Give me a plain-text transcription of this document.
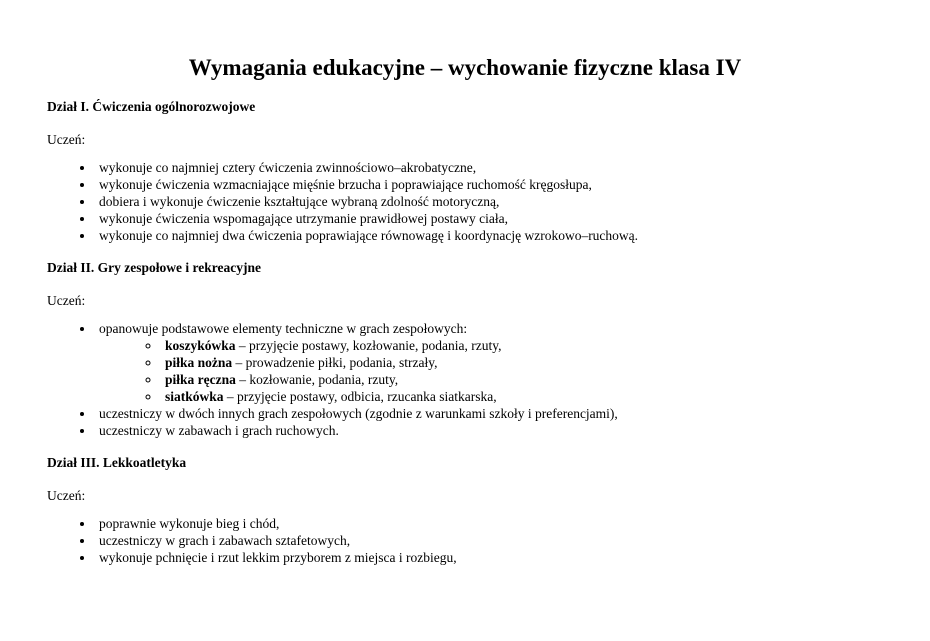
Wymagania edukacyjne – wychowanie fizyczne klasa IV
Dział I. Ćwiczenia ogólnorozwojowe

Uczeń:

• wykonuje co najmniej cztery ćwiczenia zwinnościowo–akrobatyczne,
• wykonuje ćwiczenia wzmacniające mięśnie brzucha i poprawiające ruchomość kręgosłupa,
• dobiera i wykonuje ćwiczenie kształtujące wybraną zdolność motoryczną,
• wykonuje ćwiczenia wspomagające utrzymanie prawidłowej postawy ciała,
• wykonuje co najmniej dwa ćwiczenia poprawiające równowagę i koordynację wzrokowo–ruchową.
Dział II. Gry zespołowe i rekreacyjne

Uczeń:

• opanowuje podstawowe elementy techniczne w grach zespołowych:
◦ koszykówka – przyjęcie postawy, kozłowanie, podania, rzuty,
◦ piłka nożna – prowadzenie piłki, podania, strzały,
◦ piłka ręczna – kozłowanie, podania, rzuty,
◦ siatkówka – przyjęcie postawy, odbicia, rzucanka siatkarska,
• uczestniczy w dwóch innych grach zespołowych (zgodnie z warunkami szkoły i preferencjami),
• uczestniczy w zabawach i grach ruchowych.
Dział III. Lekkoatletyka

Uczeń:

• poprawnie wykonuje bieg i chód,
• uczestniczy w grach i zabawach sztafetowych,
• wykonuje pchnięcie i rzut lekkim przyborem z miejsca i rozbiegu,
